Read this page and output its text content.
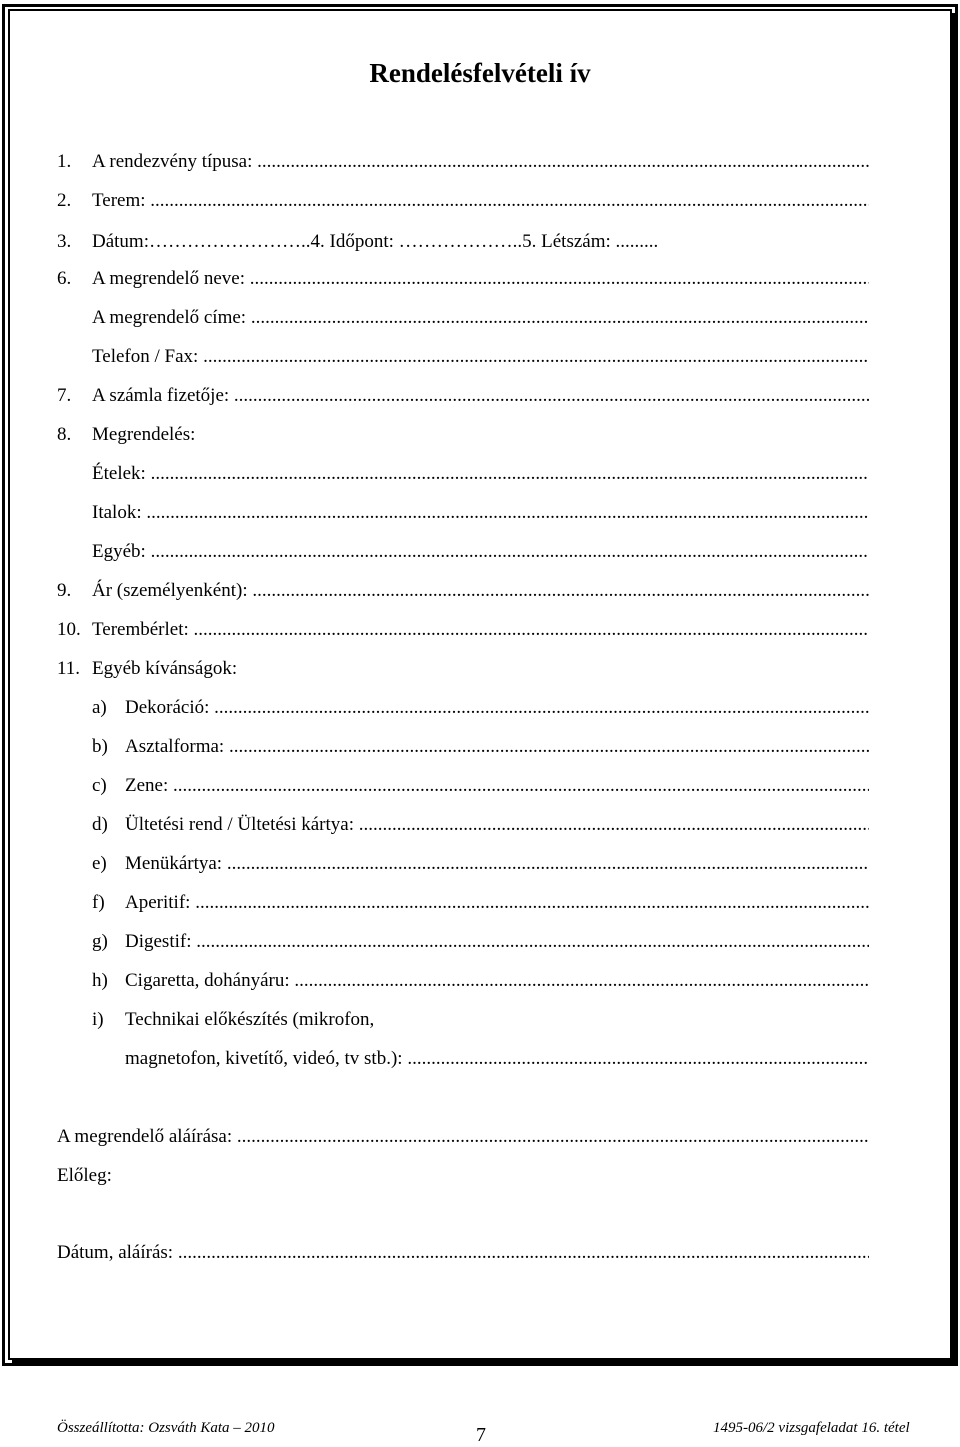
Rendelésfelvételi ív
1. A rendezvény típusa: .....
2. Terem: .....
3. Dátum:……………………..4. Időpont: ………………..5. Létszám: .........
6. A megrendelő neve: .....
A megrendelő címe: .....
Telefon / Fax: .....
7. A számla fizetője: .....
8. Megrendelés:
Ételek: .....
Italok: .....
Egyéb: .....
9. Ár (személyenként): .....
10. Terembérlet: .....
11. Egyéb kívánságok:
a) Dekoráció: .....
b) Asztalforma: .....
c) Zene: .....
d) Ültetési rend / Ültetési kártya: .....
e) Menükártya: .....
f) Aperitif: .....
g) Digestif: .....
h) Cigaretta, dohányáru: .....
i) Technikai előkészítés (mikrofon,
magnetofon, kivetítő, videó, tv stb.): .....
A megrendelő aláírása: .....
Előleg:
Dátum, aláírás: .....
Összeállította: Ozsváth Kata – 2010	7	1495-06/2 vizsgafeladat 16. tétel
